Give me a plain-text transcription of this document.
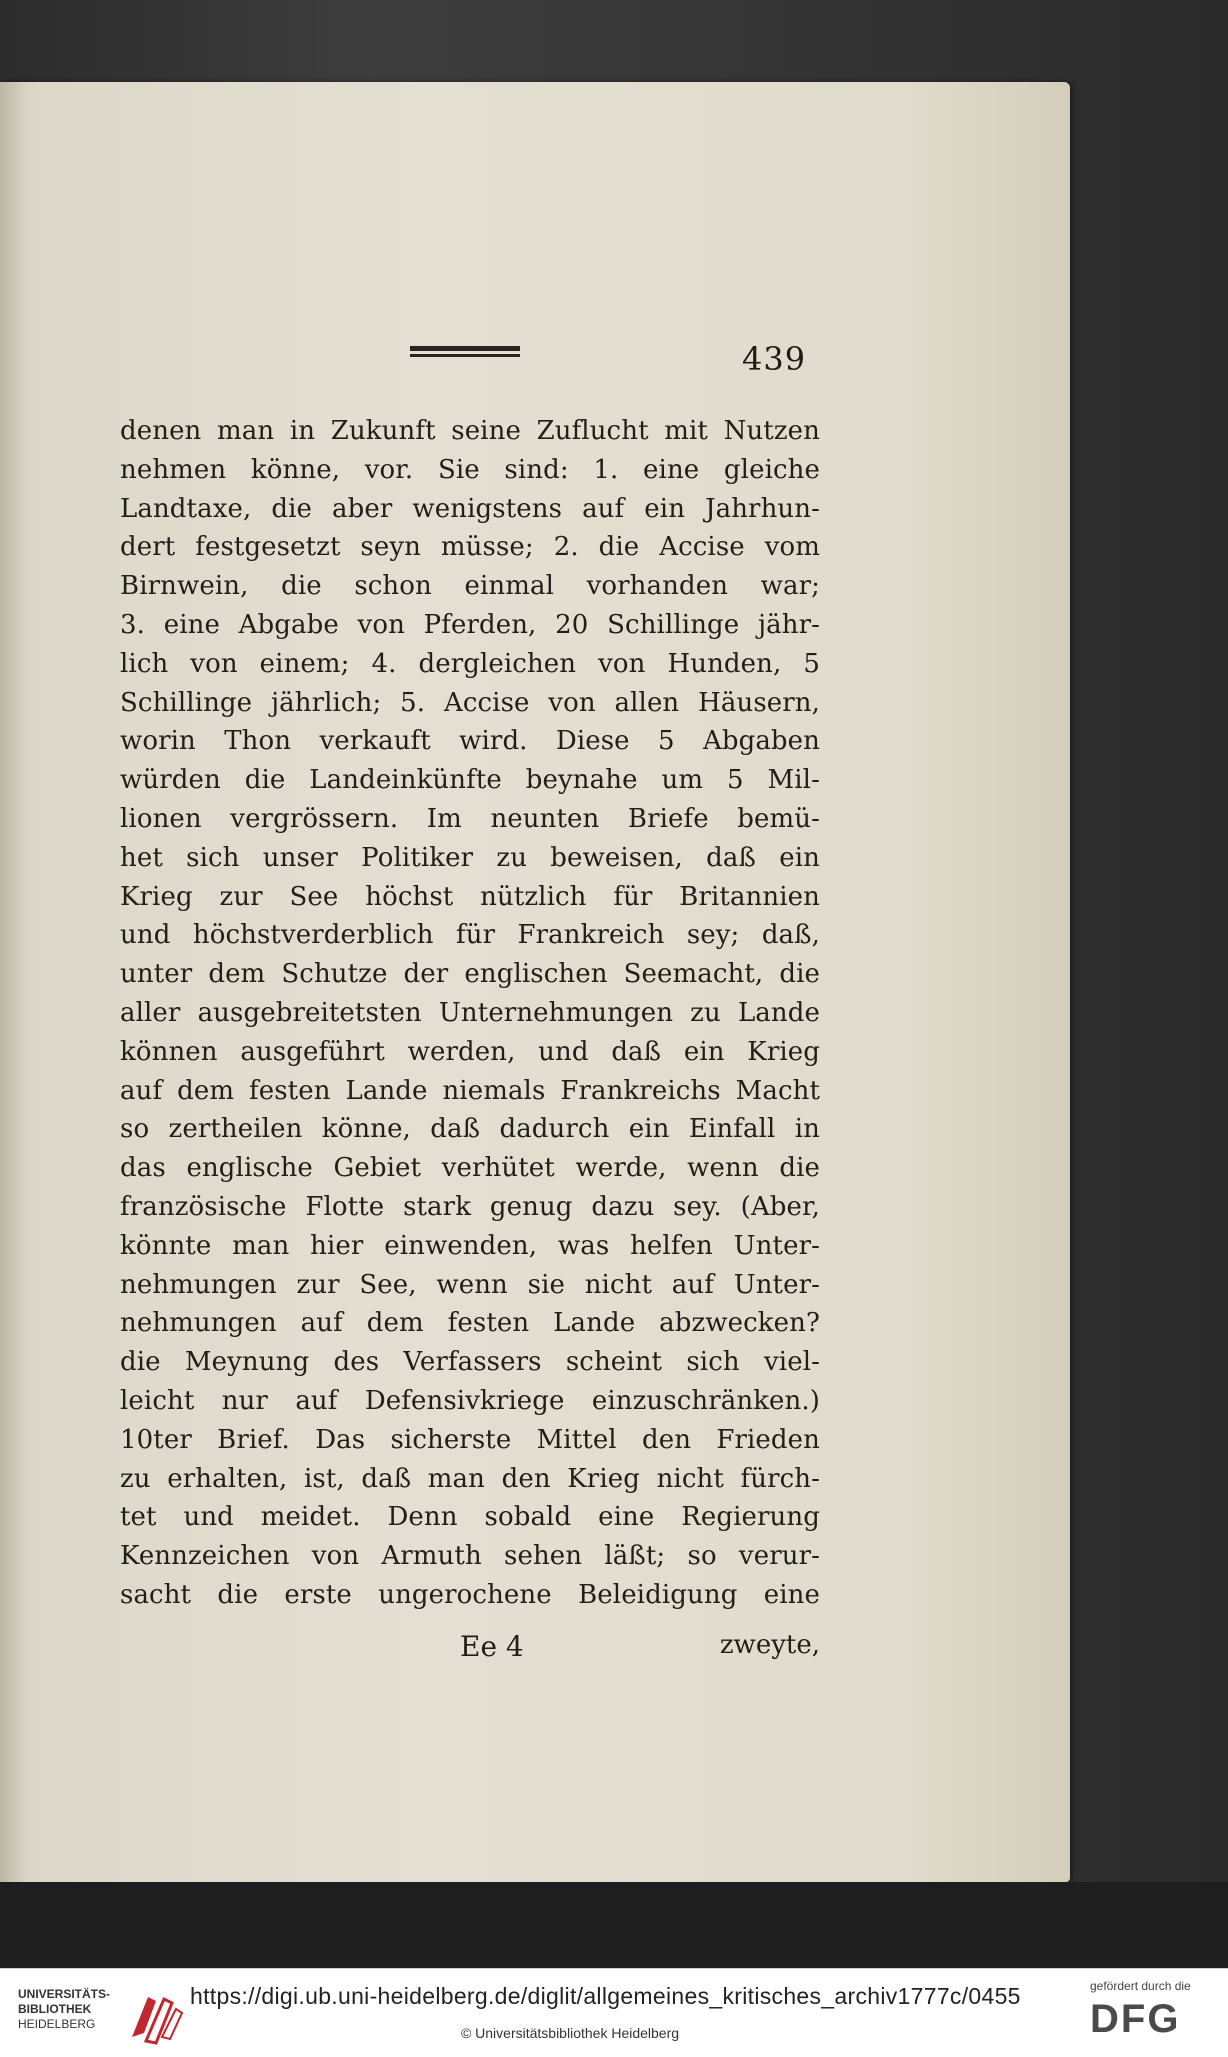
439
denen man in Zukunft seine Zuflucht mit Nutzen
nehmen könne, vor. Sie sind: 1. eine gleiche
Landtaxe, die aber wenigstens auf ein Jahrhun-
dert festgesetzt seyn müsse; 2. die Accise vom
Birnwein, die schon einmal vorhanden war;
3. eine Abgabe von Pferden, 20 Schillinge jähr-
lich von einem; 4. dergleichen von Hunden, 5
Schillinge jährlich; 5. Accise von allen Häusern,
worin Thon verkauft wird. Diese 5 Abgaben
würden die Landeinkünfte beynahe um 5 Mil-
lionen vergrössern. Im neunten Briefe bemü-
het sich unser Politiker zu beweisen, daß ein
Krieg zur See höchst nützlich für Britannien
und höchstverderblich für Frankreich sey; daß,
unter dem Schutze der englischen Seemacht, die
aller ausgebreitetsten Unternehmungen zu Lande
können ausgeführt werden, und daß ein Krieg
auf dem festen Lande niemals Frankreichs Macht
so zertheilen könne, daß dadurch ein Einfall in
das englische Gebiet verhütet werde, wenn die
französische Flotte stark genug dazu sey. (Aber,
könnte man hier einwenden, was helfen Unter-
nehmungen zur See, wenn sie nicht auf Unter-
nehmungen auf dem festen Lande abzwecken?
die Meynung des Verfassers scheint sich viel-
leicht nur auf Defensivkriege einzuschränken.)
10ter Brief. Das sicherste Mittel den Frieden
zu erhalten, ist, daß man den Krieg nicht fürch-
tet und meidet. Denn sobald eine Regierung
Kennzeichen von Armuth sehen läßt; so verur-
sacht die erste ungerochene Beleidigung eine
Ee 4	zweyte,
UNIVERSITÄTS-
BIBLIOTHEK
HEIDELBERG
https://digi.ub.uni-heidelberg.de/diglit/allgemeines_kritisches_archiv1777c/0455
© Universitätsbibliothek Heidelberg
gefördert durch die
DFG
